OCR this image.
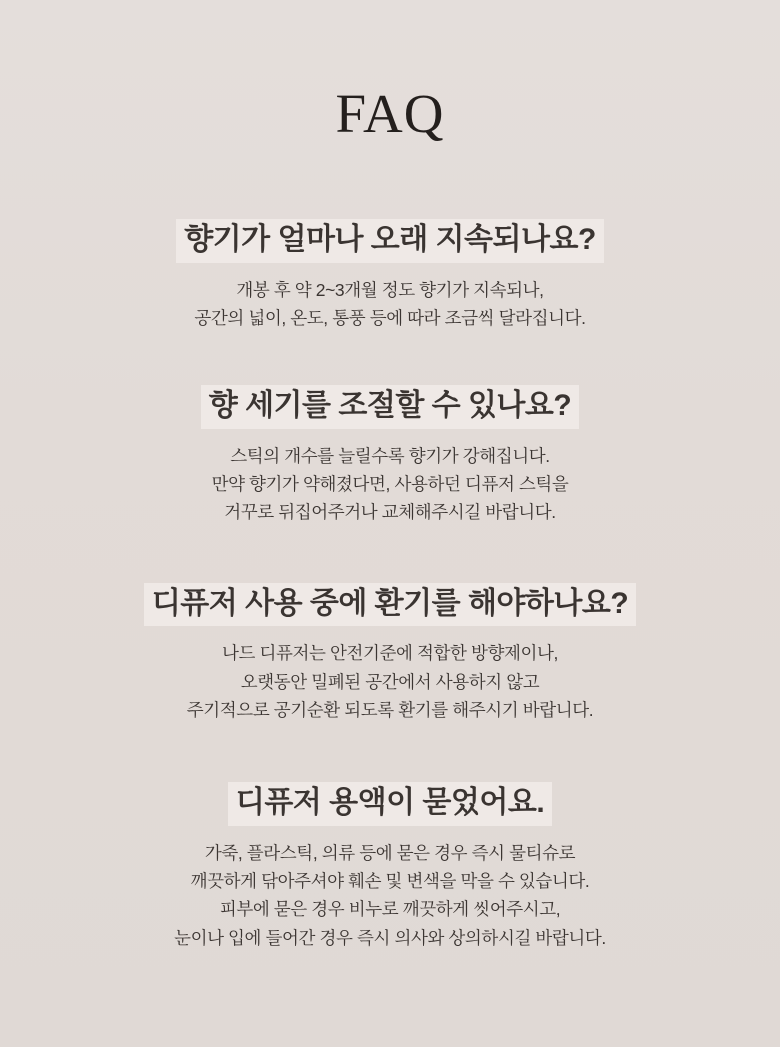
FAQ
향기가 얼마나 오래 지속되나요?
개봉 후 약 2~3개월 정도 향기가 지속되나,
공간의 넓이, 온도, 통풍 등에 따라 조금씩 달라집니다.
향 세기를 조절할 수 있나요?
스틱의 개수를 늘릴수록 향기가 강해집니다.
만약 향기가 약해졌다면, 사용하던 디퓨저 스틱을
거꾸로 뒤집어주거나 교체해주시길 바랍니다.
디퓨저 사용 중에 환기를 해야하나요?
나드 디퓨저는 안전기준에 적합한 방향제이나,
오랫동안 밀폐된 공간에서 사용하지 않고
주기적으로 공기순환 되도록 환기를 해주시기 바랍니다.
디퓨저 용액이 묻었어요.
가죽, 플라스틱, 의류 등에 묻은 경우 즉시 물티슈로
깨끗하게 닦아주셔야 훼손 및 변색을 막을 수 있습니다.
피부에 묻은 경우 비누로 깨끗하게 씻어주시고,
눈이나 입에 들어간 경우 즉시 의사와 상의하시길 바랍니다.
